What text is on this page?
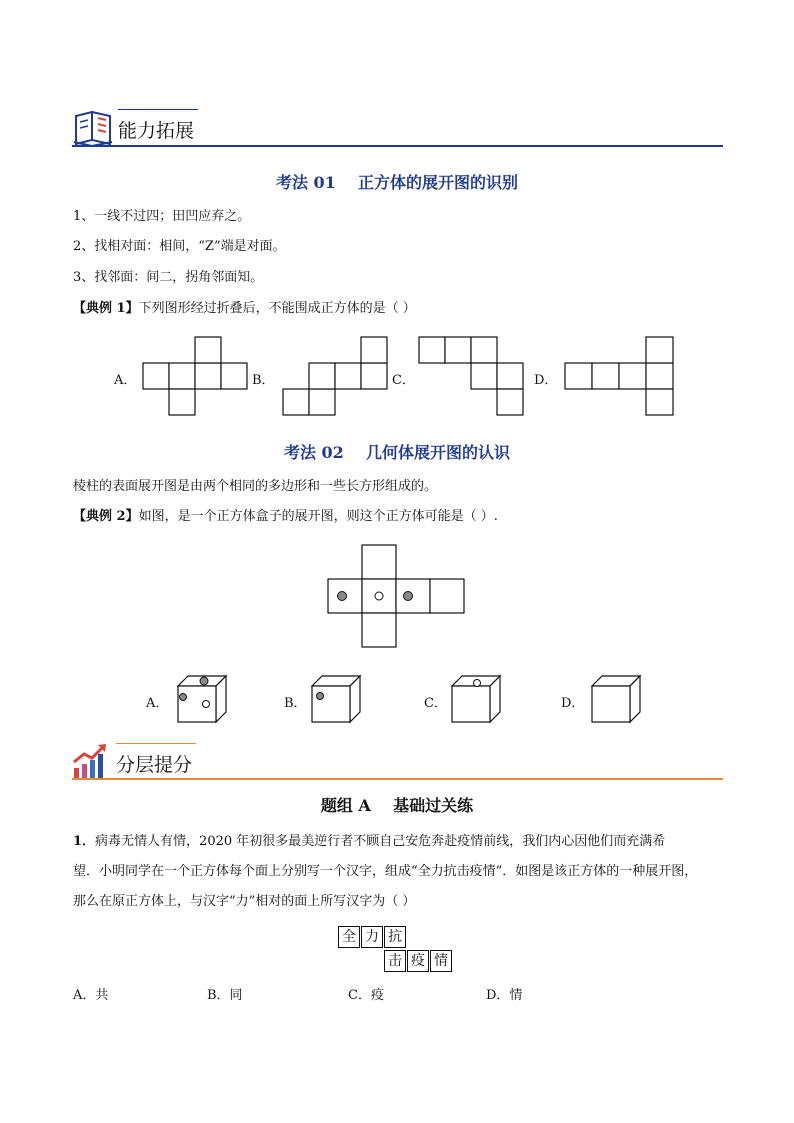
能力拓展
考法 01    正方体的展开图的识别
1、一线不过四；田凹应弃之。
2、找相对面：相间，“Z”端是对面。
3、找邻面：间二，拐角邻面知。
【典例 1】下列图形经过折叠后，不能围成正方体的是（ ）
A．	B．	C．	D．
考法 02    几何体展开图的认识
棱柱的表面展开图是由两个相同的多边形和一些长方形组成的。
【典例 2】如图，是一个正方体盒子的展开图，则这个正方体可能是（ ）.
A．	B．	C．	D．
分层提分
题组 A    基础过关练
1．病毒无情人有情，2020 年初很多最美逆行者不顾自己安危奔赴疫情前线，我们内心因他们而充满希
望．小明同学在一个正方体每个面上分别写一个汉字，组成“全力抗击疫情”．如图是该正方体的一种展开图，
那么在原正方体上，与汉字“力”相对的面上所写汉字为（ ）
全 力 抗
击 疫 情
A．共	B．同	C．疫	D．情
